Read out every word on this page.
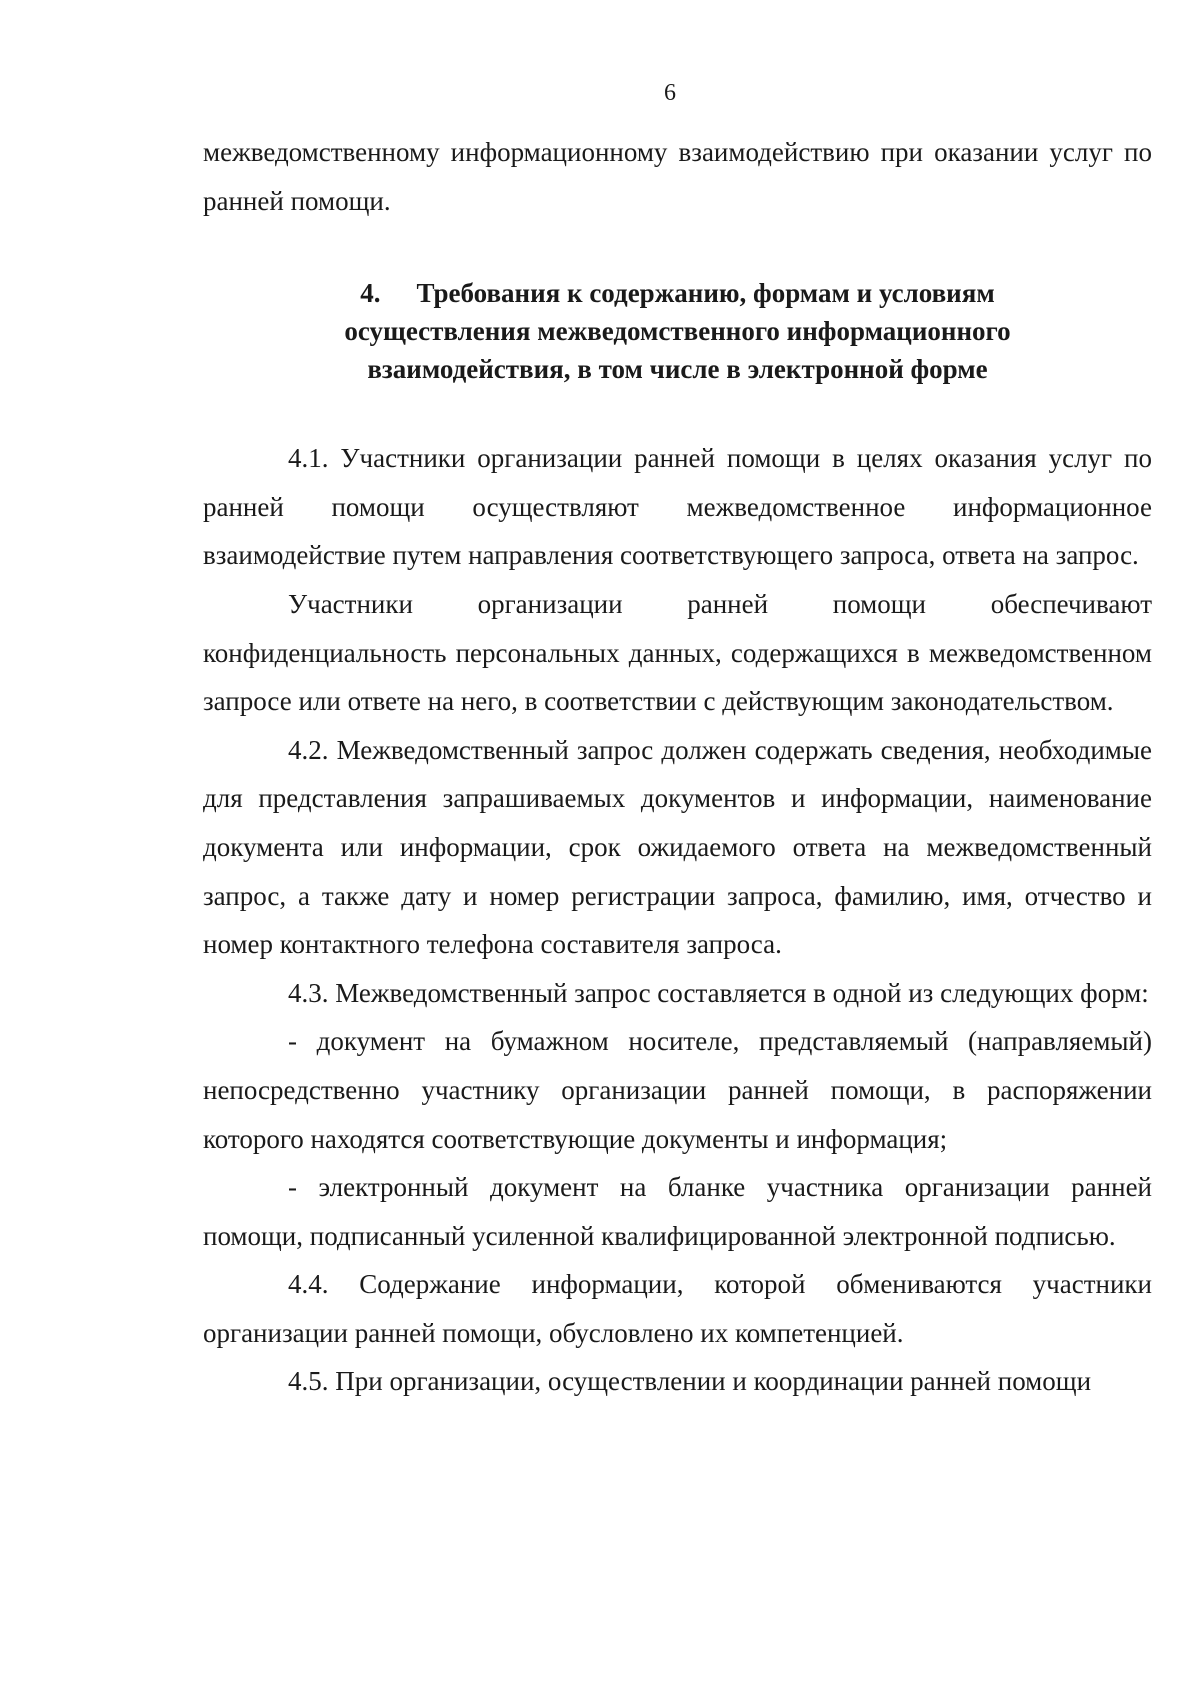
6

межведомственному информационному взаимодействию при оказании услуг по ранней помощи.

4. Требования к содержанию, формам и условиям
осуществления межведомственного информационного
взаимодействия, в том числе в электронной форме

4.1. Участники организации ранней помощи в целях оказания услуг по ранней помощи осуществляют межведомственное информационное взаимодействие путем направления соответствующего запроса, ответа на запрос.

Участники организации ранней помощи обеспечивают конфиденциальность персональных данных, содержащихся в межведомственном запросе или ответе на него, в соответствии с действующим законодательством.

4.2. Межведомственный запрос должен содержать сведения, необходимые для представления запрашиваемых документов и информации, наименование документа или информации, срок ожидаемого ответа на межведомственный запрос, а также дату и номер регистрации запроса, фамилию, имя, отчество и номер контактного телефона составителя запроса.

4.3. Межведомственный запрос составляется в одной из следующих форм:

- документ на бумажном носителе, представляемый (направляемый) непосредственно участнику организации ранней помощи, в распоряжении которого находятся соответствующие документы и информация;

- электронный документ на бланке участника организации ранней помощи, подписанный усиленной квалифицированной электронной подписью.

4.4. Содержание информации, которой обмениваются участники организации ранней помощи, обусловлено их компетенцией.

4.5. При организации, осуществлении и координации ранней помощи
